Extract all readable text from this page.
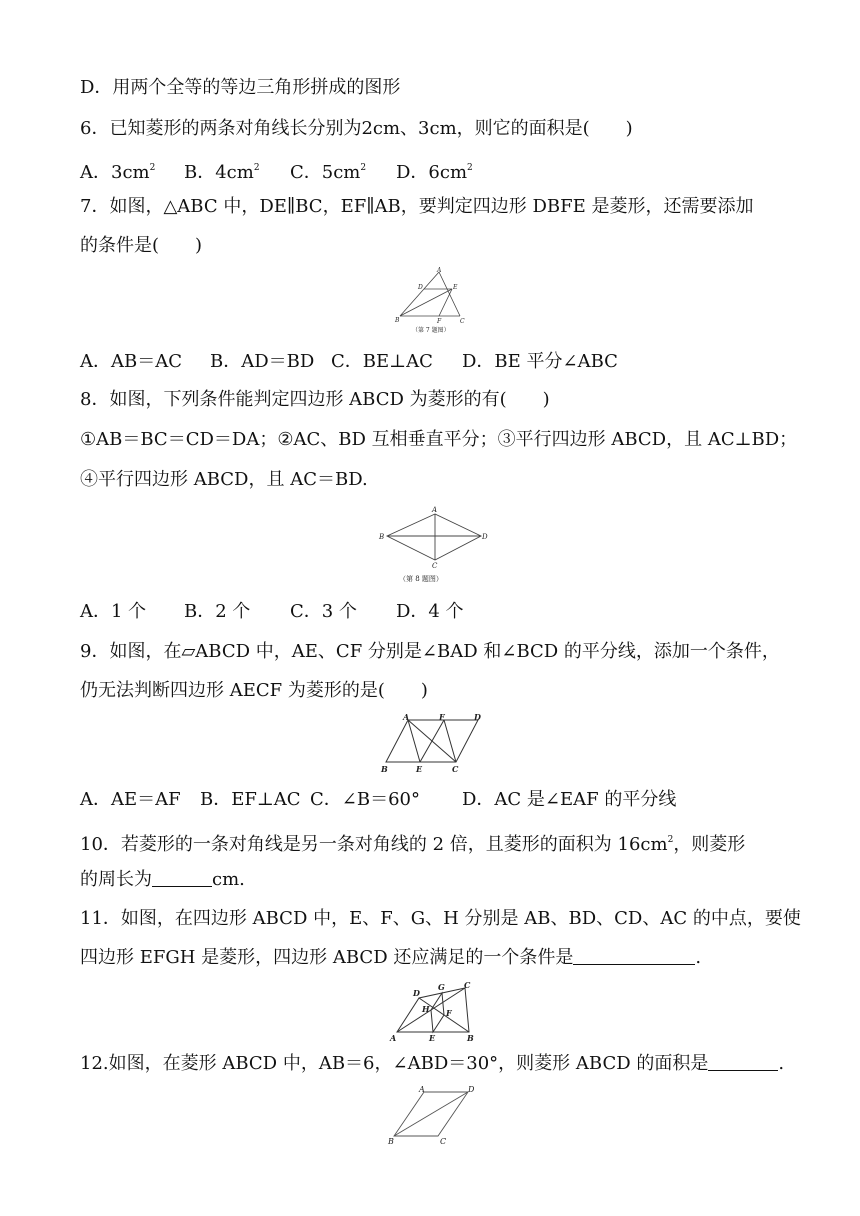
D．用两个全等的等边三角形拼成的图形
6．已知菱形的两条对角线长分别为2cm、3cm，则它的面积是(　　)
A．$3cm^2$ B．$4cm^2$ C．$5cm^2$ D．$6cm^2$
7．如图，△ABC 中，DE∥BC，EF∥AB，要判定四边形 DBFE 是菱形，还需要添加
的条件是(　　)
A
D	E
B	F	C
（第 7 题图）
A．AB＝AC B．AD＝BD C．BE⊥AC D．BE 平分∠ABC
8．如图，下列条件能判定四边形 ABCD 为菱形的有(　　)
①AB＝BC＝CD＝DA；②AC、BD 互相垂直平分；③平行四边形 ABCD，且 AC⊥BD；
④平行四边形 ABCD，且 AC＝BD.
A
B
C
D
（第 8 题图）
A．1 个 B．2 个 C．3 个 D．4 个
9．如图，在▱ABCD 中，AE、CF 分别是∠BAD 和∠BCD 的平分线，添加一个条件，
仍无法判断四边形 AECF 为菱形的是(　　)
A	F	D
B	E	C
A．AE＝AF B．EF⊥AC C．∠B＝60° D．AC 是∠EAF 的平分线
10．若菱形的一条对角线是另一条对角线的 2 倍，且菱形的面积为 $16cm^2$，则菱形
的周长为	cm.
11．如图，在四边形 ABCD 中，E、F、G、H 分别是 AB、BD、CD、AC 的中点，要使
四边形 EFGH 是菱形，四边形 ABCD 还应满足的一个条件是	.
D
G C
H F
A	E	B
12.如图，在菱形 ABCD 中，AB＝6，∠ABD＝30°，则菱形 ABCD 的面积是	.
A	D
B	C
